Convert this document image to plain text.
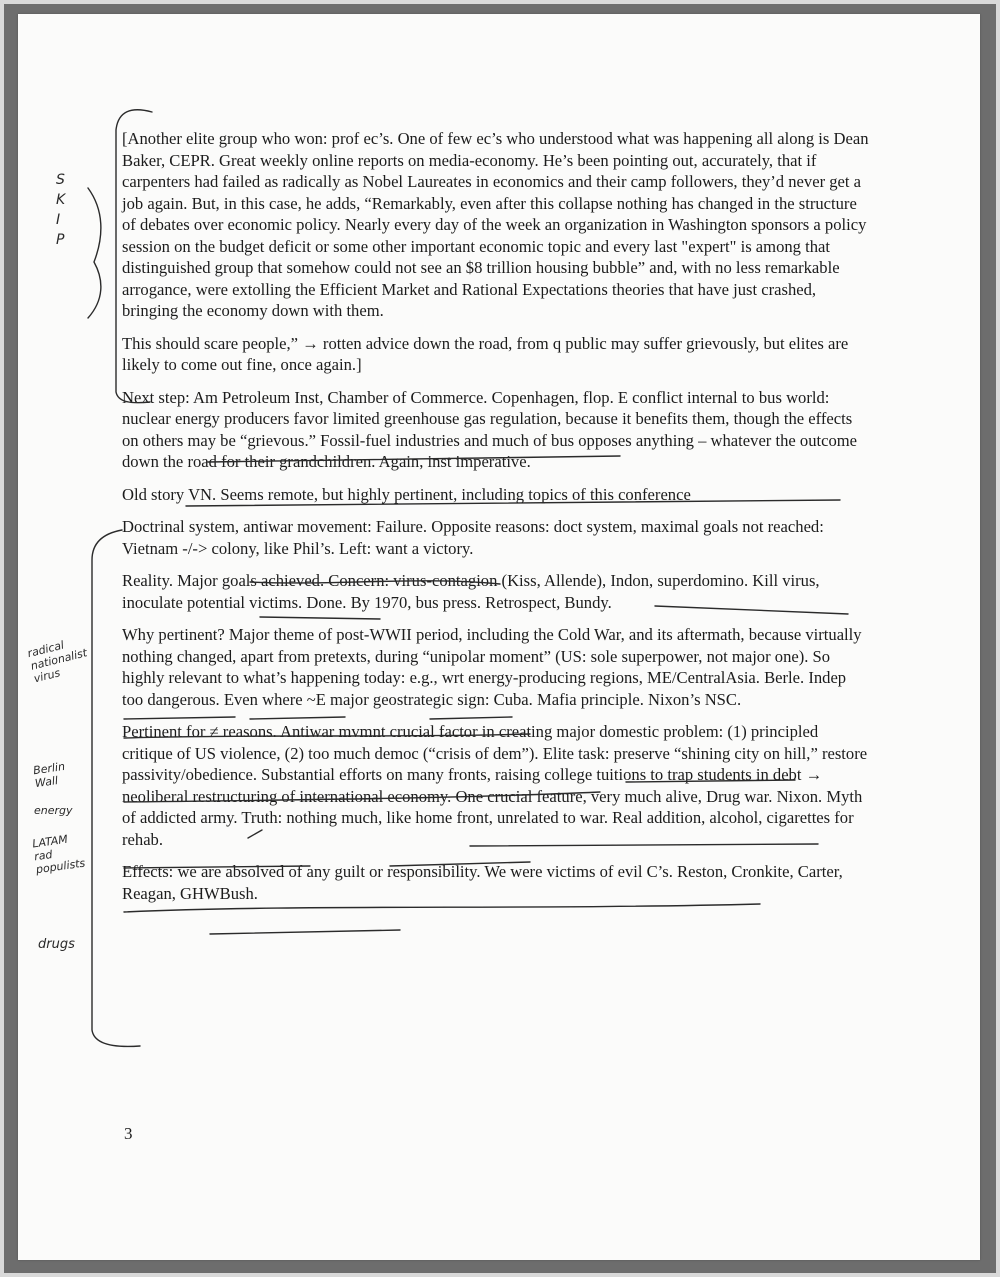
[Another elite group who won: prof ec’s. One of few ec’s who understood what was happening all along is Dean Baker, CEPR. Great weekly online reports on media-economy. He’s been pointing out, accurately, that if carpenters had failed as radically as Nobel Laureates in economics and their camp followers, they’d never get a job again. But, in this case, he adds, “Remarkably, even after this collapse nothing has changed in the structure of debates over economic policy. Nearly every day of the week an organization in Washington sponsors a policy session on the budget deficit or some other important economic topic and every last "expert" is among that distinguished group that somehow could not see an $8 trillion housing bubble” and, with no less remarkable arrogance, were extolling the Efficient Market and Rational Expectations theories that have just crashed, bringing the economy down with them.

This should scare people,” → rotten advice down the road, from q public may suffer grievously, but elites are likely to come out fine, once again.]

Next step: Am Petroleum Inst, Chamber of Commerce. Copenhagen, flop. E conflict internal to bus world: nuclear energy producers favor limited greenhouse gas regulation, because it benefits them, though the effects on others may be “grievous.” Fossil-fuel industries and much of bus opposes anything – whatever the outcome down the road for their grandchildren. Again, inst imperative.

Old story VN. Seems remote, but highly pertinent, including topics of this conference

Doctrinal system, antiwar movement: Failure. Opposite reasons: doct system, maximal goals not reached: Vietnam -/-> colony, like Phil’s. Left: want a victory.

Reality. Major goals achieved. Concern: virus-contagion (Kiss, Allende), Indon, superdomino. Kill virus, inoculate potential victims. Done. By 1970, bus press. Retrospect, Bundy.

Why pertinent? Major theme of post-WWII period, including the Cold War, and its aftermath, because virtually nothing changed, apart from pretexts, during “unipolar moment” (US: sole superpower, not major one). So highly relevant to what’s happening today: e.g., wrt energy-producing regions, ME/CentralAsia. Berle. Indep too dangerous. Even where ~E major geostrategic sign: Cuba. Mafia principle. Nixon’s NSC.

Pertinent for ≠ reasons. Antiwar mvmnt crucial factor in creating major domestic problem: (1) principled critique of US violence, (2) too much democ (“crisis of dem”). Elite task: preserve “shining city on hill,” restore passivity/obedience. Substantial efforts on many fronts, raising college tuitions to trap students in debt → neoliberal restructuring of international economy. One crucial feature, very much alive, Drug war. Nixon. Myth of addicted army. Truth: nothing much, like home front, unrelated to war. Real addition, alcohol, cigarettes for rehab.

Effects: we are absolved of any guilt or responsibility. We were victims of evil C’s. Reston, Cronkite, Carter, Reagan, GHWBush.

3
S
K
I
P
radical
nationalist
virus
Berlin
Wall
energy
LATAM
rad
populists
drugs
